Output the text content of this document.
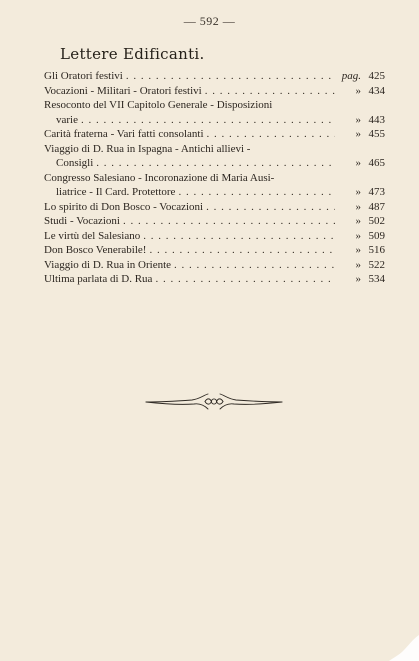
— 592 —
Lettere Edificanti.
Gli Oratori festivi . . .	pag. 425
Vocazioni - Militari - Oratori festivi . . .	» 434
Resoconto del VII Capitolo Generale - Disposizioni
varie . . .	» 443
Carità fraterna - Vari fatti consolanti . . .	» 455
Viaggio di D. Rua in Ispagna - Antichi allievi -
Consigli . . .	» 465
Congresso Salesiano - Incoronazione di Maria Ausi-
liatrice - Il Card. Protettore . . .	» 473
Lo spirito di Don Bosco - Vocazioni . . .	» 487
Studi - Vocazioni . . .	» 502
Le virtù del Salesiano . . .	» 509
Don Bosco Venerabile! . . .	» 516
Viaggio di D. Rua in Oriente . . .	» 522
Ultima parlata di D. Rua . . .	» 534
